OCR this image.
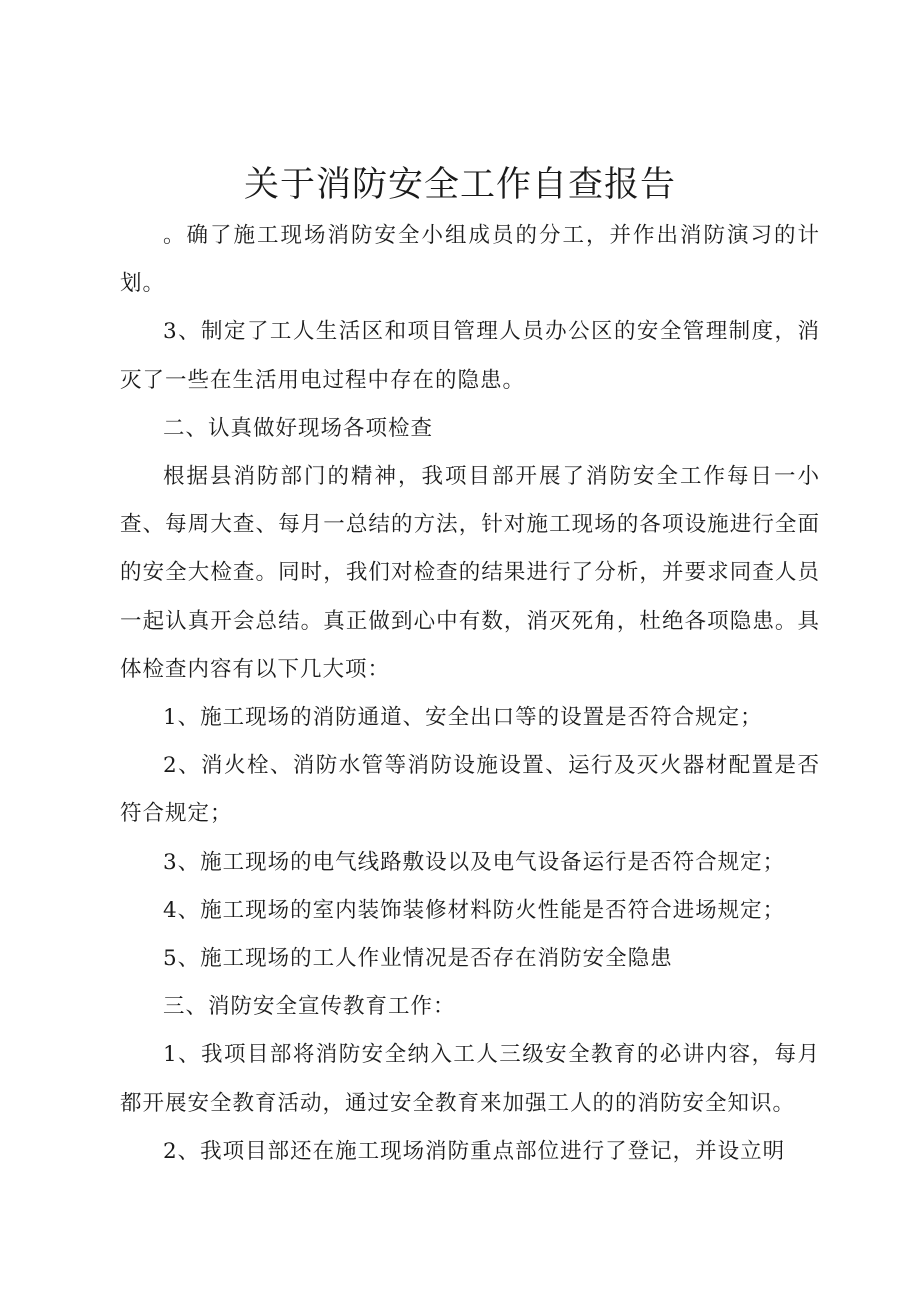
关于消防安全工作自查报告

。确了施工现场消防安全小组成员的分工，并作出消防演习的计划。

3、制定了工人生活区和项目管理人员办公区的安全管理制度，消灭了一些在生活用电过程中存在的隐患。

二、认真做好现场各项检查

根据县消防部门的精神，我项目部开展了消防安全工作每日一小查、每周大查、每月一总结的方法，针对施工现场的各项设施进行全面的安全大检查。同时，我们对检查的结果进行了分析，并要求同查人员一起认真开会总结。真正做到心中有数，消灭死角，杜绝各项隐患。具体检查内容有以下几大项：

1、施工现场的消防通道、安全出口等的设置是否符合规定；

2、消火栓、消防水管等消防设施设置、运行及灭火器材配置是否符合规定；

3、施工现场的电气线路敷设以及电气设备运行是否符合规定；

4、施工现场的室内装饰装修材料防火性能是否符合进场规定；

5、施工现场的工人作业情况是否存在消防安全隐患

三、消防安全宣传教育工作：

1、我项目部将消防安全纳入工人三级安全教育的必讲内容，每月都开展安全教育活动，通过安全教育来加强工人的的消防安全知识。

2、我项目部还在施工现场消防重点部位进行了登记，并设立明
